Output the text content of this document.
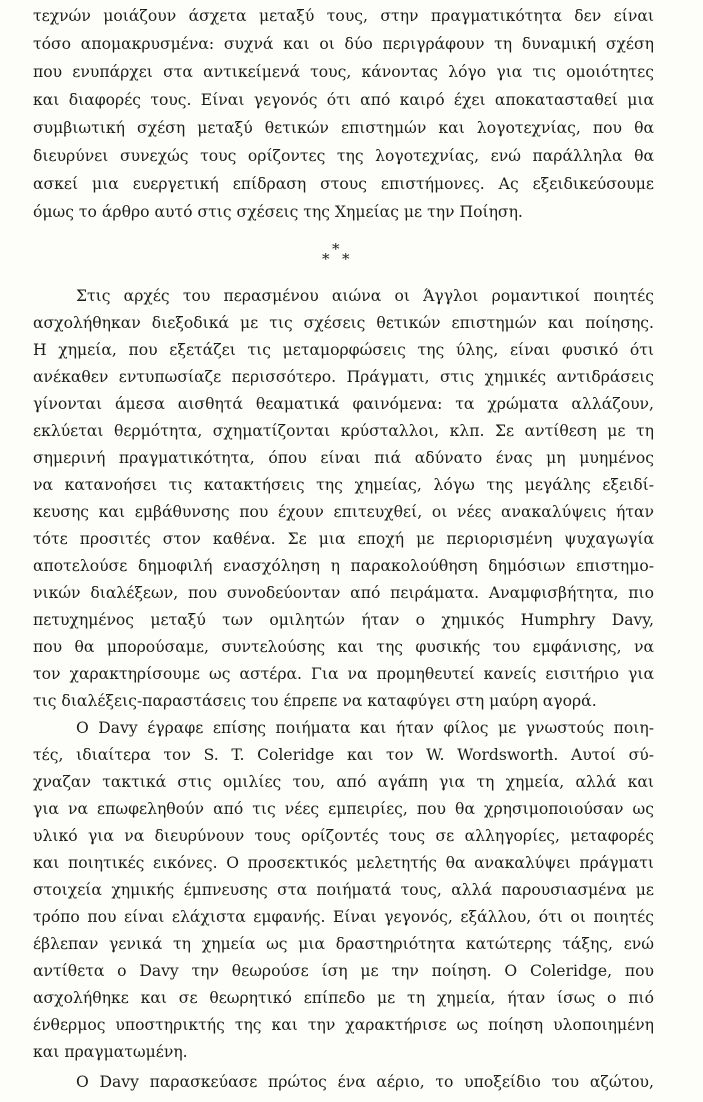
τεχνών μοιάζουν άσχετα μεταξύ τους, στην πραγματικότητα δεν είναι

τόσο απομακρυσμένα: συχνά και οι δύο περιγράφουν τη δυναμική σχέση

που ενυπάρχει στα αντικείμενά τους, κάνοντας λόγο για τις ομοιότητες

και διαφορές τους. Είναι γεγονός ότι από καιρό έχει αποκατασταθεί μια

συμβιωτική σχέση μεταξύ θετικών επιστημών και λογοτεχνίας, που θα

διευρύνει συνεχώς τους ορίζοντες της λογοτεχνίας, ενώ παράλληλα θα

ασκεί μια ευεργετική επίδραση στους επιστήμονες. Ας εξειδικεύσουμε

όμως το άρθρο αυτό στις σχέσεις της Χημείας με την Ποίηση.

*
* *

Στις αρχές του περασμένου αιώνα οι Άγγλοι ρομαντικοί ποιητές

ασχολήθηκαν διεξοδικά με τις σχέσεις θετικών επιστημών και ποίησης.

Η χημεία, που εξετάζει τις μεταμορφώσεις της ύλης, είναι φυσικό ότι

ανέκαθεν εντυπωσίαζε περισσότερο. Πράγματι, στις χημικές αντιδράσεις

γίνονται άμεσα αισθητά θεαματικά φαινόμενα: τα χρώματα αλλάζουν,

εκλύεται θερμότητα, σχηματίζονται κρύσταλλοι, κλπ. Σε αντίθεση με τη

σημερινή πραγματικότητα, όπου είναι πιά αδύνατο ένας μη μυημένος

να κατανοήσει τις κατακτήσεις της χημείας, λόγω της μεγάλης εξειδί-

κευσης και εμβάθυνσης που έχουν επιτευχθεί, οι νέες ανακαλύψεις ήταν

τότε προσιτές στον καθένα. Σε μια εποχή με περιορισμένη ψυχαγωγία

αποτελούσε δημοφιλή ενασχόληση η παρακολούθηση δημόσιων επιστημο-

νικών διαλέξεων, που συνοδεύονταν από πειράματα. Αναμφισβήτητα, πιο

πετυχημένος μεταξύ των ομιλητών ήταν ο χημικός Humphry Davy,

που θα μπορούσαμε, συντελούσης και της φυσικής του εμφάνισης, να

τον χαρακτηρίσουμε ως αστέρα. Για να προμηθευτεί κανείς εισιτήριο για

τις διαλέξεις-παραστάσεις του έπρεπε να καταφύγει στη μαύρη αγορά.

Ο Davy έγραφε επίσης ποιήματα και ήταν φίλος με γνωστούς ποιη-

τές, ιδιαίτερα τον S. T. Coleridge και τον W. Wordsworth. Αυτοί σύ-

χναζαν τακτικά στις ομιλίες του, από αγάπη για τη χημεία, αλλά και

για να επωφεληθούν από τις νέες εμπειρίες, που θα χρησιμοποιούσαν ως

υλικό για να διευρύνουν τους ορίζοντές τους σε αλληγορίες, μεταφορές

και ποιητικές εικόνες. Ο προσεκτικός μελετητής θα ανακαλύψει πράγματι

στοιχεία χημικής έμπνευσης στα ποιήματά τους, αλλά παρουσιασμένα με

τρόπο που είναι ελάχιστα εμφανής. Είναι γεγονός, εξάλλου, ότι οι ποιητές

έβλεπαν γενικά τη χημεία ως μια δραστηριότητα κατώτερης τάξης, ενώ

αντίθετα ο Davy την θεωρούσε ίση με την ποίηση. Ο Coleridge, που

ασχολήθηκε και σε θεωρητικό επίπεδο με τη χημεία, ήταν ίσως ο πιό

ένθερμος υποστηρικτής της και την χαρακτήρισε ως ποίηση υλοποιημένη

και πραγματωμένη.

Ο Davy παρασκεύασε πρώτος ένα αέριο, το υποξείδιο του αζώτου,
